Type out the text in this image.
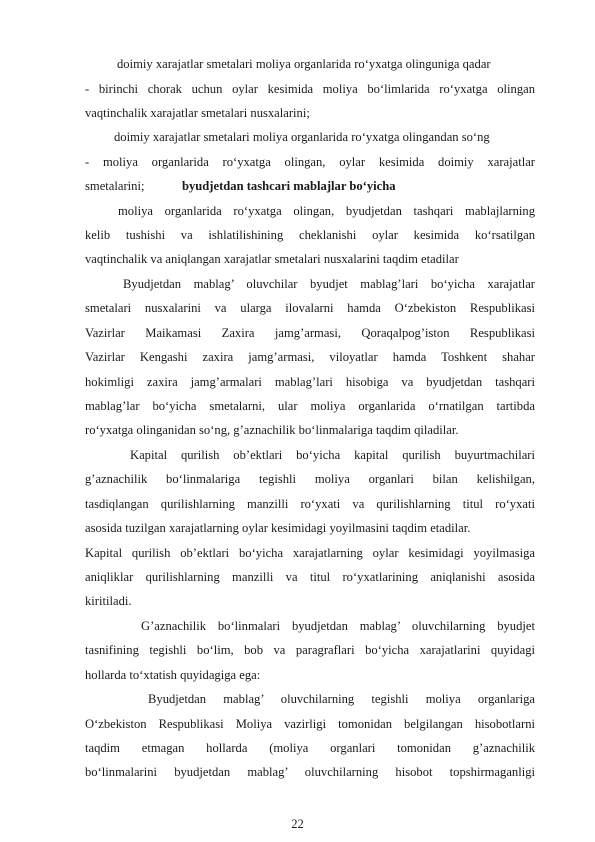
doimiy xarajatlar smetalari moliya organlarida ro‘yxatga olinguniga qadar
- birinchi chorak uchun oylar kesimida moliya bo‘limlarida ro‘yxatga olingan
vaqtinchalik xarajatlar smetalari nusxalarini;
doimiy xarajatlar smetalari moliya organlarida ro‘yxatga olingandan so‘ng
- moliya organlarida ro‘yxatga olingan, oylar kesimida doimiy xarajatlar
smetalarini;	byudjetdan tashcari mablajlar bo‘yicha
moliya organlarida ro‘yxatga olingan, byudjetdan tashqari mablajlarning
kelib tushishi va ishlatilishining cheklanishi oylar kesimida ko‘rsatilgan
vaqtinchalik va aniqlangan xarajatlar smetalari nusxalarini taqdim etadilar
Byudjetdan mablag’ oluvchilar byudjet mablag’lari bo‘yicha xarajatlar
smetalari nusxalarini va ularga ilovalarni hamda O‘zbekiston Respublikasi
Vazirlar Maikamasi Zaxira jamg’armasi, Qoraqalpog’iston Respublikasi
Vazirlar Kengashi zaxira jamg’armasi, viloyatlar hamda Toshkent shahar
hokimligi zaxira jamg’armalari mablag’lari hisobiga va byudjetdan tashqari
mablag’lar bo‘yicha smetalarni, ular moliya organlarida o‘rnatilgan tartibda
ro‘yxatga olinganidan so‘ng, g’aznachilik bo‘linmalariga taqdim qiladilar.
Kapital qurilish ob’ektlari bo‘yicha kapital qurilish buyurtmachilari
g’aznachilik bo‘linmalariga tegishli moliya organlari bilan kelishilgan,
tasdiqlangan qurilishlarning manzilli ro‘yxati va qurilishlarning titul ro‘yxati
asosida tuzilgan xarajatlarning oylar kesimidagi yoyilmasini taqdim etadilar.
Kapital qurilish ob’ektlari bo‘yicha xarajatlarning oylar kesimidagi yoyilmasiga
aniqliklar qurilishlarning manzilli va titul ro‘yxatlarining aniqlanishi asosida
kiritiladi.
G’aznachilik bo‘linmalari byudjetdan mablag’ oluvchilarning byudjet
tasnifining tegishli bo‘lim, bob va paragraflari bo‘yicha xarajatlarini quyidagi
hollarda to‘xtatish quyidagiga ega:
Byudjetdan mablag’ oluvchilarning tegishli moliya organlariga
O‘zbekiston Respublikasi Moliya vazirligi tomonidan belgilangan hisobotlarni
taqdim etmagan hollarda (moliya organlari tomonidan g’aznachilik
bo‘linmalarini byudjetdan mablag’ oluvchilarning hisobot topshirmaganligi
22
